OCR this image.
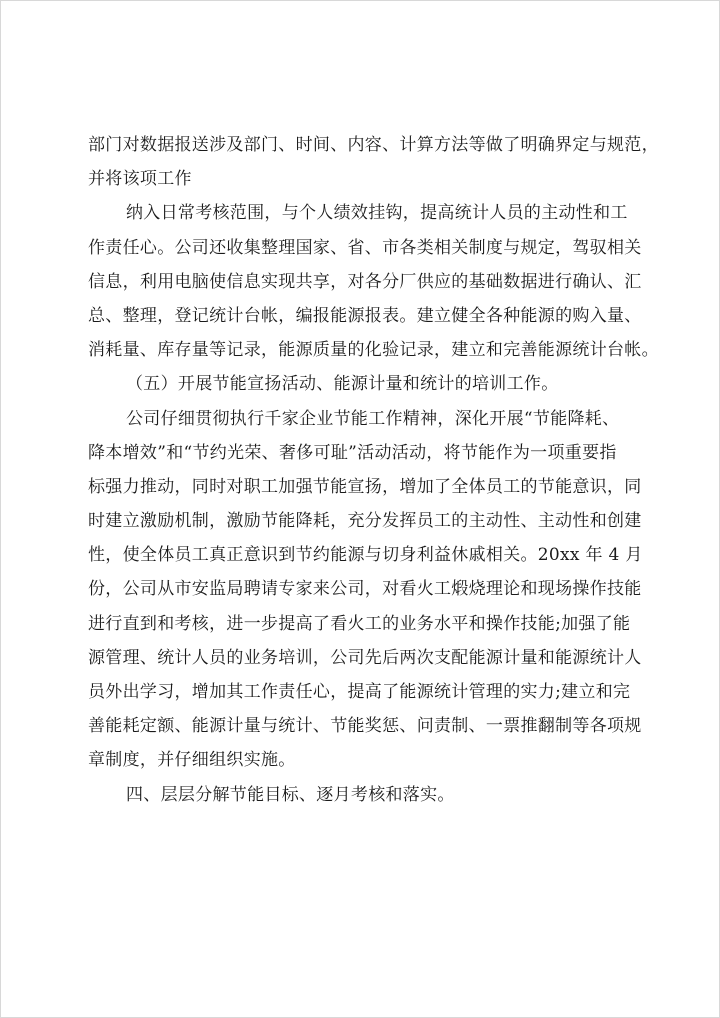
部门对数据报送涉及部门、时间、内容、计算方法等做了明确界定与规范，
并将该项工作
纳入日常考核范围，与个人绩效挂钩，提高统计人员的主动性和工
作责任心。公司还收集整理国家、省、市各类相关制度与规定，驾驭相关
信息，利用电脑使信息实现共享，对各分厂供应的基础数据进行确认、汇
总、整理，登记统计台帐，编报能源报表。建立健全各种能源的购入量、
消耗量、库存量等记录，能源质量的化验记录，建立和完善能源统计台帐。
（五）开展节能宣扬活动、能源计量和统计的培训工作。
公司仔细贯彻执行千家企业节能工作精神，深化开展“节能降耗、
降本增效”和“节约光荣、奢侈可耻”活动活动，将节能作为一项重要指
标强力推动，同时对职工加强节能宣扬，增加了全体员工的节能意识，同
时建立激励机制，激励节能降耗，充分发挥员工的主动性、主动性和创建
性，使全体员工真正意识到节约能源与切身利益休戚相关。20xx 年 4 月
份，公司从市安监局聘请专家来公司，对看火工煅烧理论和现场操作技能
进行直到和考核，进一步提高了看火工的业务水平和操作技能;加强了能
源管理、统计人员的业务培训，公司先后两次支配能源计量和能源统计人
员外出学习，增加其工作责任心，提高了能源统计管理的实力;建立和完
善能耗定额、能源计量与统计、节能奖惩、问责制、一票推翻制等各项规
章制度，并仔细组织实施。
四、层层分解节能目标、逐月考核和落实。
